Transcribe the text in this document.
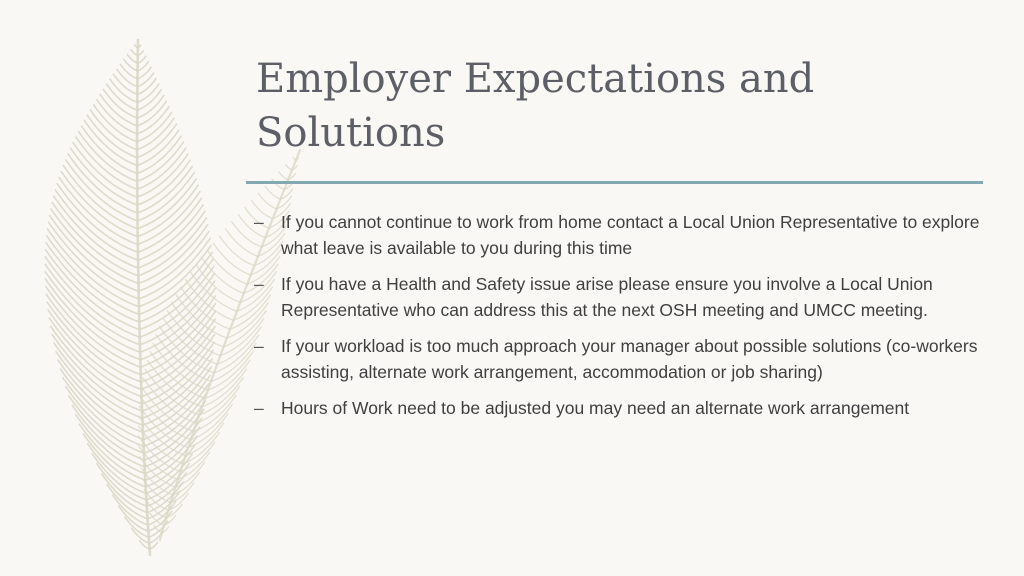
Employer Expectations and Solutions
– If you cannot continue to work from home contact a Local Union Representative to explore what leave is available to you during this time
– If you have a Health and Safety issue arise please ensure you involve a Local Union Representative who can address this at the next OSH meeting and UMCC meeting.
– If your workload is too much approach your manager about possible solutions (co-workers assisting, alternate work arrangement, accommodation or job sharing)
– Hours of Work need to be adjusted you may need an alternate work arrangement
